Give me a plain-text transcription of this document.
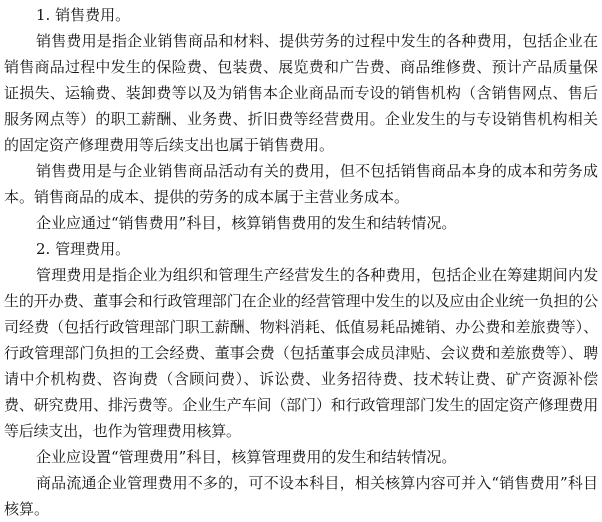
1. 销售费用。

销售费用是指企业销售商品和材料、提供劳务的过程中发生的各种费用，包括企业在销售商品过程中发生的保险费、包装费、展览费和广告费、商品维修费、预计产品质量保证损失、运输费、装卸费等以及为销售本企业商品而专设的销售机构（含销售网点、售后服务网点等）的职工薪酬、业务费、折旧费等经营费用。企业发生的与专设销售机构相关的固定资产修理费用等后续支出也属于销售费用。

销售费用是与企业销售商品活动有关的费用，但不包括销售商品本身的成本和劳务成本。销售商品的成本、提供的劳务的成本属于主营业务成本。

企业应通过“销售费用”科目，核算销售费用的发生和结转情况。

2. 管理费用。

管理费用是指企业为组织和管理生产经营发生的各种费用，包括企业在筹建期间内发生的开办费、董事会和行政管理部门在企业的经营管理中发生的以及应由企业统一负担的公司经费（包括行政管理部门职工薪酬、物料消耗、低值易耗品摊销、办公费和差旅费等）、行政管理部门负担的工会经费、董事会费（包括董事会成员津贴、会议费和差旅费等）、聘请中介机构费、咨询费（含顾问费）、诉讼费、业务招待费、技术转让费、矿产资源补偿费、研究费用、排污费等。企业生产车间（部门）和行政管理部门发生的固定资产修理费用等后续支出，也作为管理费用核算。

企业应设置“管理费用”科目，核算管理费用的发生和结转情况。

商品流通企业管理费用不多的，可不设本科目，相关核算内容可并入“销售费用”科目核算。
